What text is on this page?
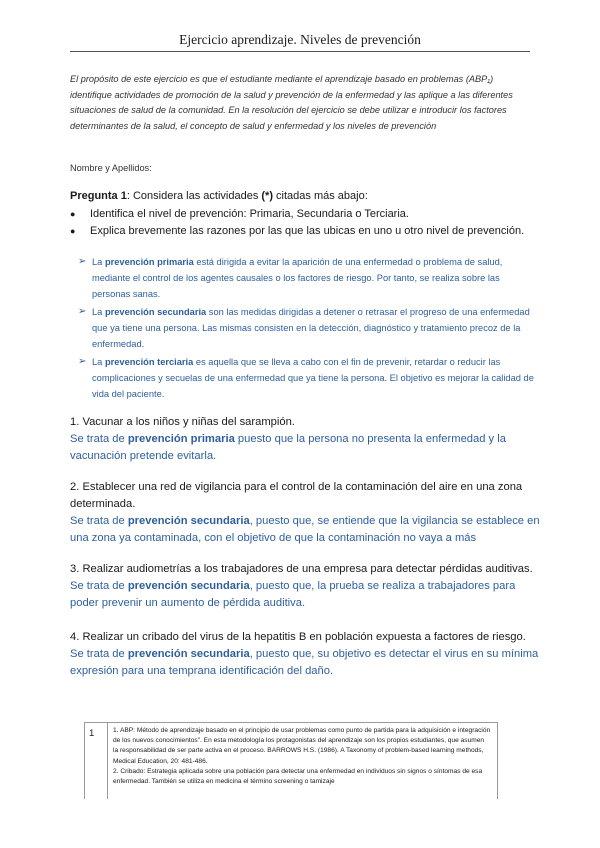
Ejercicio aprendizaje. Niveles de prevención
El propósito de este ejercicio es que el estudiante mediante el aprendizaje basado en problemas (ABP₁) identifique actividades de promoción de la salud y prevención de la enfermedad y las aplique a las diferentes situaciones de salud de la comunidad. En la resolución del ejercicio se debe utilizar e introducir los factores determinantes de la salud, el concepto de salud y enfermedad y los niveles de prevención
Nombre y Apellidos:
Pregunta 1: Considera las actividades (*) citadas más abajo:
● Identifica el nivel de prevención: Primaria, Secundaria o Terciaria.
● Explica brevemente las razones por las que las ubicas en uno u otro nivel de prevención.
➢ La prevención primaria está dirigida a evitar la aparición de una enfermedad o problema de salud, mediante el control de los agentes causales o los factores de riesgo. Por tanto, se realiza sobre las personas sanas.
➢ La prevención secundaria son las medidas dirigidas a detener o retrasar el progreso de una enfermedad que ya tiene una persona. Las mismas consisten en la detección, diagnóstico y tratamiento precoz de la enfermedad.
➢ La prevención terciaria es aquella que se lleva a cabo con el fin de prevenir, retardar o reducir las complicaciones y secuelas de una enfermedad que ya tiene la persona. El objetivo es mejorar la calidad de vida del paciente.
1. Vacunar a los niños y niñas del sarampión.
Se trata de prevención primaria puesto que la persona no presenta la enfermedad y la vacunación pretende evitarla.
2. Establecer una red de vigilancia para el control de la contaminación del aire en una zona determinada.
Se trata de prevención secundaria, puesto que, se entiende que la vigilancia se establece en una zona ya contaminada, con el objetivo de que la contaminación no vaya a más
3. Realizar audiometrías a los trabajadores de una empresa para detectar pérdidas auditivas.
Se trata de prevención secundaria, puesto que, la prueba se realiza a trabajadores para poder prevenir un aumento de pérdida auditiva.
4. Realizar un cribado del virus de la hepatitis B en población expuesta a factores de riesgo.
Se trata de prevención secundaria, puesto que, su objetivo es detectar el virus en su mínima expresión para una temprana identificación del daño.
1	1. ABP: Método de aprendizaje basado en el principio de usar problemas como punto de partida para la adquisición e integración de los nuevos conocimientos". En esta metodología los protagonistas del aprendizaje son los propios estudiantes, que asumen la responsabilidad de ser parte activa en el proceso. BARROWS H.S. (1986). A Taxonomy of problem-based learning methods, Medical Education, 20: 481-486.

2. Cribado: Estrategia aplicada sobre una población para detectar una enfermedad en individuos sin signos o síntomas de esa enfermedad. También se utiliza en medicina el término screening o tamizaje
